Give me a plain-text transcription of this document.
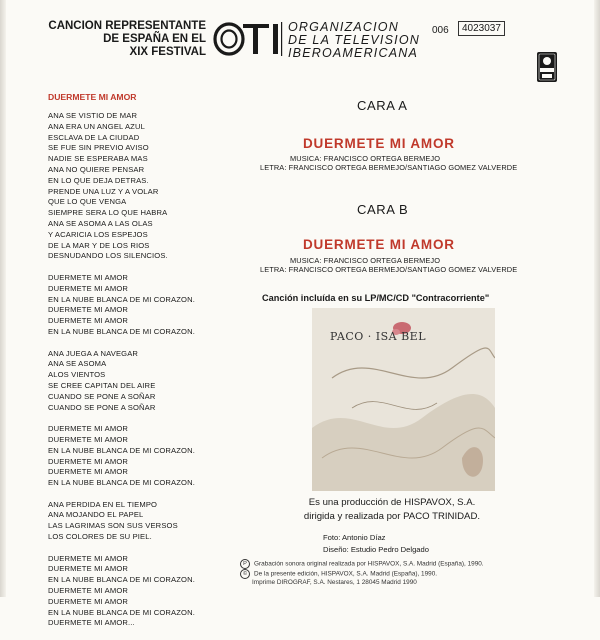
CANCION REPRESENTANTE
DE ESPAÑA EN EL
XIX FESTIVAL
ORGANIZACION
DE LA TELEVISION
IBEROAMERICANA
006	4023037
DUERMETE MI AMOR
ANA SE VISTIO DE MAR
ANA ERA UN ANGEL AZUL
ESCLAVA DE LA CIUDAD
SE FUE SIN PREVIO AVISO
NADIE SE ESPERABA MAS
ANA NO QUIERE PENSAR
EN LO QUE DEJA DETRAS.
PRENDE UNA LUZ Y A VOLAR
QUE LO QUE VENGA
SIEMPRE SERA LO QUE HABRA
ANA SE ASOMA A LAS OLAS
Y ACARICIA LOS ESPEJOS
DE LA MAR Y DE LOS RIOS
DESNUDANDO LOS SILENCIOS.
DUERMETE MI AMOR
DUERMETE MI AMOR
EN LA NUBE BLANCA DE MI CORAZON.
DUERMETE MI AMOR
DUERMETE MI AMOR
EN LA NUBE BLANCA DE MI CORAZON.
ANA JUEGA A NAVEGAR
ANA SE ASOMA
ALOS VIENTOS
SE CREE CAPITAN DEL AIRE
CUANDO SE PONE A SOÑAR
CUANDO SE PONE A SOÑAR
DUERMETE MI AMOR
DUERMETE MI AMOR
EN LA NUBE BLANCA DE MI CORAZON.
DUERMETE MI AMOR
DUERMETE MI AMOR
EN LA NUBE BLANCA DE MI CORAZON.
ANA PERDIDA EN EL TIEMPO
ANA MOJANDO EL PAPEL
LAS LAGRIMAS SON SUS VERSOS
LOS COLORES DE SU PIEL.
DUERMETE MI AMOR
DUERMETE MI AMOR
EN LA NUBE BLANCA DE MI CORAZON.
DUERMETE MI AMOR
DUERMETE MI AMOR
EN LA NUBE BLANCA DE MI CORAZON.
DUERMETE MI AMOR...
CARA A
DUERMETE MI AMOR
MUSICA: FRANCISCO ORTEGA BERMEJO
LETRA: FRANCISCO ORTEGA BERMEJO/SANTIAGO GOMEZ VALVERDE
CARA B
DUERMETE MI AMOR
MUSICA: FRANCISCO ORTEGA BERMEJO
LETRA: FRANCISCO ORTEGA BERMEJO/SANTIAGO GOMEZ VALVERDE
Canción incluída en su LP/MC/CD "Contracorriente"
PACO · ISA BEL
Es una producción de HISPAVOX, S.A.
dirigida y realizada por PACO TRINIDAD.
Foto: Antonio Díaz
Diseño: Estudio Pedro Delgado
P Grabación sonora original realizada por HISPAVOX, S.A. Madrid (España), 1990.
© De la presente edición, HISPAVOX, S.A. Madrid (España), 1990.
Imprime DIROGRAF, S.A. Nestares, 1 28045 Madrid 1990
